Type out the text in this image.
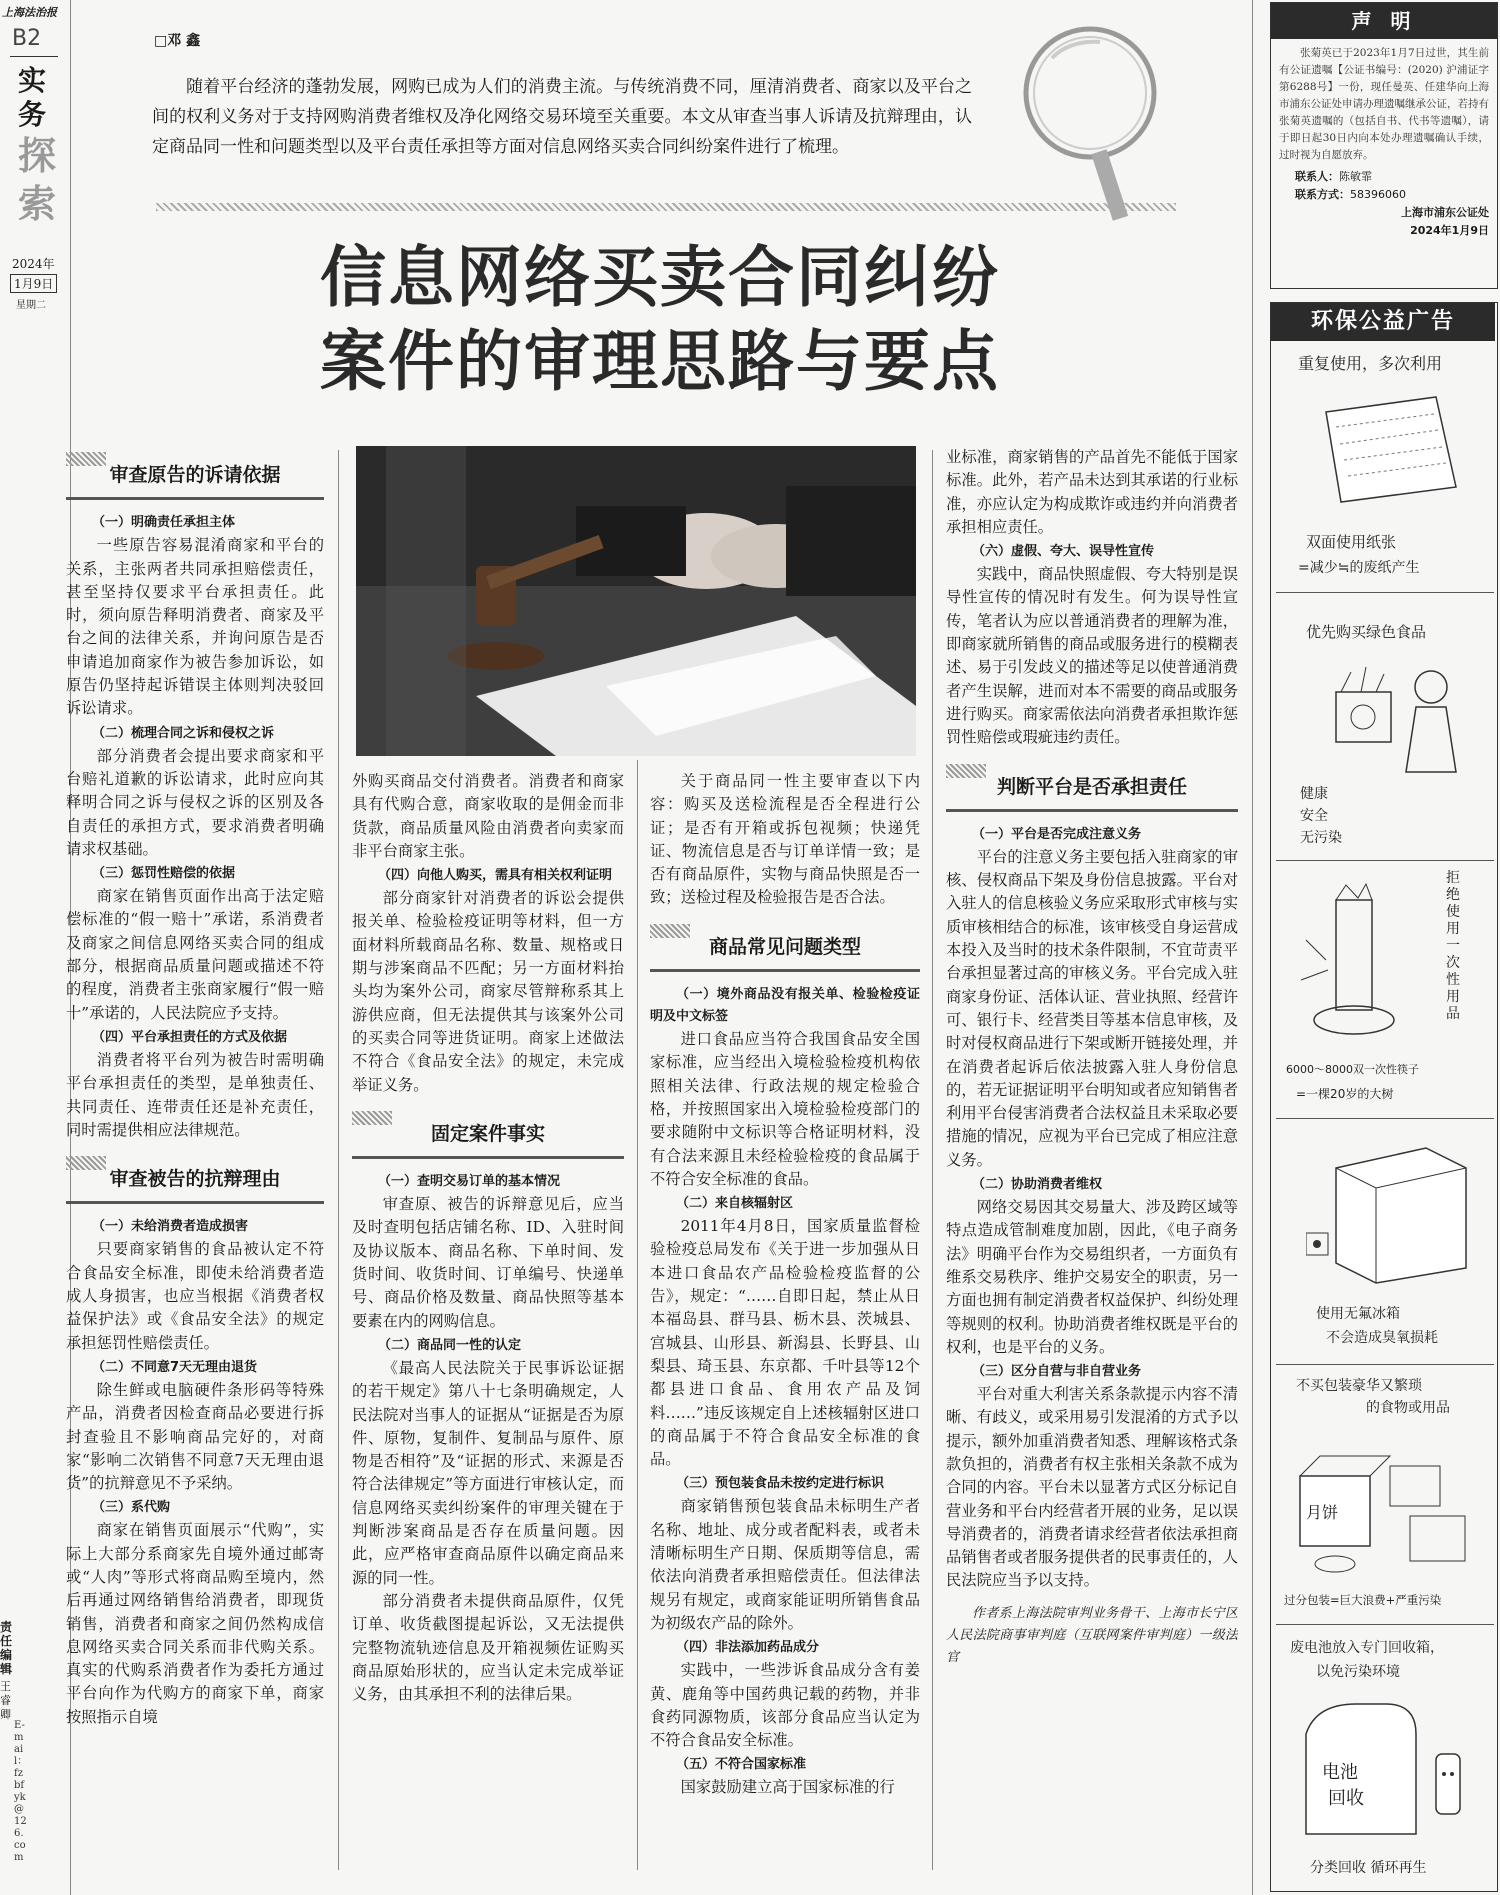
上海法治报
B2
实
务
探
索
2024年
1月9日
星期二
责任编辑
王睿卿
E-mail：fzbfyk@126.com
□邓 鑫
随着平台经济的蓬勃发展，网购已成为人们的消费主流。与传统消费不同，厘清消费者、商家以及平台之间的权利义务对于支持网购消费者维权及净化网络交易环境至关重要。本文从审查当事人诉请及抗辩理由，认定商品同一性和问题类型以及平台责任承担等方面对信息网络买卖合同纠纷案件进行了梳理。
信息网络买卖合同纠纷
案件的审理思路与要点
审查原告的诉请依据
（一）明确责任承担主体

一些原告容易混淆商家和平台的关系，主张两者共同承担赔偿责任，甚至坚持仅要求平台承担责任。此时，须向原告释明消费者、商家及平台之间的法律关系，并询问原告是否申请追加商家作为被告参加诉讼，如原告仍坚持起诉错误主体则判决驳回诉讼请求。

（二）梳理合同之诉和侵权之诉

部分消费者会提出要求商家和平台赔礼道歉的诉讼请求，此时应向其释明合同之诉与侵权之诉的区别及各自责任的承担方式，要求消费者明确请求权基础。

（三）惩罚性赔偿的依据

商家在销售页面作出高于法定赔偿标准的“假一赔十”承诺，系消费者及商家之间信息网络买卖合同的组成部分，根据商品质量问题或描述不符的程度，消费者主张商家履行“假一赔十”承诺的，人民法院应予支持。

（四）平台承担责任的方式及依据

消费者将平台列为被告时需明确平台承担责任的类型，是单独责任、共同责任、连带责任还是补充责任，同时需提供相应法律规范。

审查被告的抗辩理由
（一）未给消费者造成损害

只要商家销售的食品被认定不符合食品安全标准，即使未给消费者造成人身损害，也应当根据《消费者权益保护法》或《食品安全法》的规定承担惩罚性赔偿责任。

（二）不同意7天无理由退货

除生鲜或电脑硬件条形码等特殊产品，消费者因检查商品必要进行拆封查验且不影响商品完好的，对商家“影响二次销售不同意7天无理由退货”的抗辩意见不予采纳。

（三）系代购

商家在销售页面展示“代购”，实际上大部分系商家先自境外通过邮寄或“人肉”等形式将商品购至境内，然后再通过网络销售给消费者，即现货销售，消费者和商家之间仍然构成信息网络买卖合同关系而非代购关系。真实的代购系消费者作为委托方通过平台向作为代购方的商家下单，商家按照指示自境

外购买商品交付消费者。消费者和商家具有代购合意，商家收取的是佣金而非货款，商品质量风险由消费者向卖家而非平台商家主张。

（四）向他人购买，需具有相关权利证明

部分商家针对消费者的诉讼会提供报关单、检验检疫证明等材料，但一方面材料所载商品名称、数量、规格或日期与涉案商品不匹配；另一方面材料抬头均为案外公司，商家尽管辩称系其上游供应商，但无法提供其与该案外公司的买卖合同等进货证明。商家上述做法不符合《食品安全法》的规定，未完成举证义务。

固定案件事实
（一）查明交易订单的基本情况

审查原、被告的诉辩意见后，应当及时查明包括店铺名称、ID、入驻时间及协议版本、商品名称、下单时间、发货时间、收货时间、订单编号、快递单号、商品价格及数量、商品快照等基本要素在内的网购信息。

（二）商品同一性的认定

《最高人民法院关于民事诉讼证据的若干规定》第八十七条明确规定，人民法院对当事人的证据从“证据是否为原件、原物，复制件、复制品与原件、原物是否相符”及“证据的形式、来源是否符合法律规定”等方面进行审核认定，而信息网络买卖纠纷案件的审理关键在于判断涉案商品是否存在质量问题。因此，应严格审查商品原件以确定商品来源的同一性。

部分消费者未提供商品原件，仅凭订单、收货截图提起诉讼，又无法提供完整物流轨迹信息及开箱视频佐证购买商品原始形状的，应当认定未完成举证义务，由其承担不利的法律后果。

关于商品同一性主要审查以下内容：购买及送检流程是否全程进行公证；是否有开箱或拆包视频；快递凭证、物流信息是否与订单详情一致；是否有商品原件，实物与商品快照是否一致；送检过程及检验报告是否合法。

商品常见问题类型
（一）境外商品没有报关单、检验检疫证明及中文标签

进口食品应当符合我国食品安全国家标准，应当经出入境检验检疫机构依照相关法律、行政法规的规定检验合格，并按照国家出入境检验检疫部门的要求随附中文标识等合格证明材料，没有合法来源且未经检验检疫的食品属于不符合安全标准的食品。

（二）来自核辐射区

2011年4月8日，国家质量监督检验检疫总局发布《关于进一步加强从日本进口食品农产品检验检疫监督的公告》，规定：“……自即日起，禁止从日本福岛县、群马县、栃木县、茨城县、宫城县、山形县、新潟县、长野县、山梨县、琦玉县、东京都、千叶县等12个都县进口食品、食用农产品及饲料……”违反该规定自上述核辐射区进口的商品属于不符合食品安全标准的食品。

（三）预包装食品未按约定进行标识

商家销售预包装食品未标明生产者名称、地址、成分或者配料表，或者未清晰标明生产日期、保质期等信息，需依法向消费者承担赔偿责任。但法律法规另有规定，或商家能证明所销售食品为初级农产品的除外。

（四）非法添加药品成分

实践中，一些涉诉食品成分含有姜黄、鹿角等中国药典记载的药物，并非食药同源物质，该部分食品应当认定为不符合食品安全标准。

（五）不符合国家标准

国家鼓励建立高于国家标准的行

业标准，商家销售的产品首先不能低于国家标准。此外，若产品未达到其承诺的行业标准，亦应认定为构成欺诈或违约并向消费者承担相应责任。

（六）虚假、夸大、误导性宣传

实践中，商品快照虚假、夸大特别是误导性宣传的情况时有发生。何为误导性宣传，笔者认为应以普通消费者的理解为准，即商家就所销售的商品或服务进行的模糊表述、易于引发歧义的描述等足以使普通消费者产生误解，进而对本不需要的商品或服务进行购买。商家需依法向消费者承担欺诈惩罚性赔偿或瑕疵违约责任。

判断平台是否承担责任
（一）平台是否完成注意义务

平台的注意义务主要包括入驻商家的审核、侵权商品下架及身份信息披露。平台对入驻人的信息核验义务应采取形式审核与实质审核相结合的标准，该审核受自身运营成本投入及当时的技术条件限制，不宜苛责平台承担显著过高的审核义务。平台完成入驻商家身份证、活体认证、营业执照、经营许可、银行卡、经营类目等基本信息审核，及时对侵权商品进行下架或断开链接处理，并在消费者起诉后依法披露入驻人身份信息的，若无证据证明平台明知或者应知销售者利用平台侵害消费者合法权益且未采取必要措施的情况，应视为平台已完成了相应注意义务。

（二）协助消费者维权

网络交易因其交易量大、涉及跨区域等特点造成管制难度加剧，因此，《电子商务法》明确平台作为交易组织者，一方面负有维系交易秩序、维护交易安全的职责，另一方面也拥有制定消费者权益保护、纠纷处理等规则的权利。协助消费者维权既是平台的权利，也是平台的义务。

（三）区分自营与非自营业务

平台对重大利害关系条款提示内容不清晰、有歧义，或采用易引发混淆的方式予以提示，额外加重消费者知悉、理解该格式条款负担的，消费者有权主张相关条款不成为合同的内容。平台未以显著方式区分标记自营业务和平台内经营者开展的业务，足以误导消费者的，消费者请求经营者依法承担商品销售者或者服务提供者的民事责任的，人民法院应当予以支持。

作者系上海法院审判业务骨干、上海市长宁区人民法院商事审判庭（互联网案件审判庭）一级法官

声 明
张菊英已于2023年1月7日过世，其生前有公证遗嘱【公证书编号：(2020) 沪浦证字第6288号】一份，现任曼英、任建华向上海市浦东公证处申请办理遗嘱继承公证，若持有张菊英遗嘱的（包括自书、代书等遗嘱），请于即日起30日内向本处办理遗嘱确认手续，过时视为自愿放弃。
联系人：陈敏霏
联系方式：58396060
上海市浦东公证处
2024年1月9日
环保公益广告
重复使用，多次利用
双面使用纸张
=减少≒的废纸产生
优先购买绿色食品
健康
安全
无污染
拒
绝
使
用
一
次
性
用
品
6000～8000双一次性筷子
=一棵20岁的大树
使用无氟冰箱
不会造成臭氧损耗
不买包装豪华又繁琐
的食物或用品
月饼
过分包装=巨大浪费+严重污染
废电池放入专门回收箱，
以免污染环境
电池
回收
分类回收 循环再生
